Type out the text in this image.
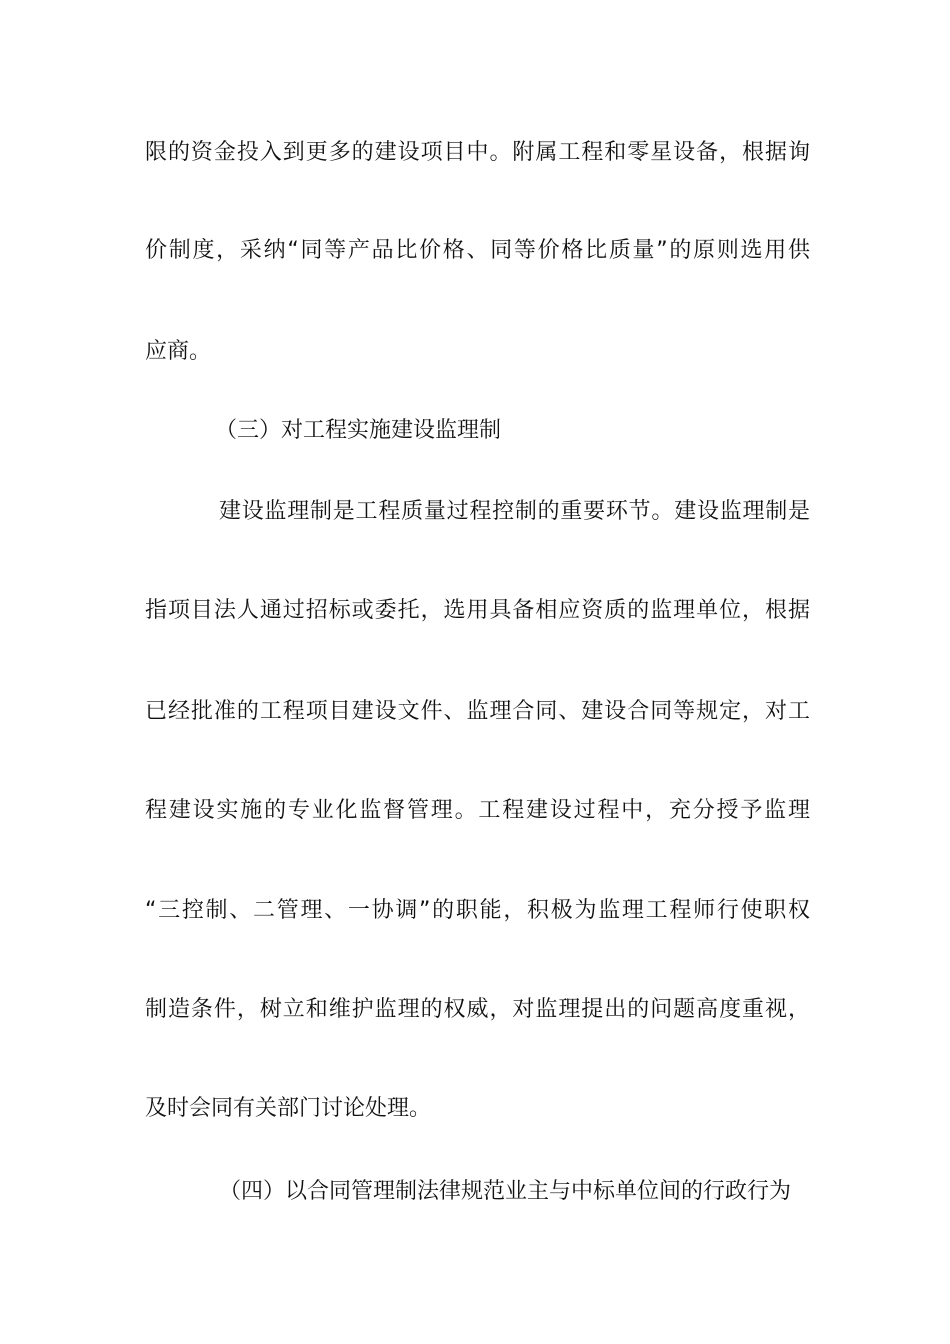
限的资金投入到更多的建设项目中。附属工程和零星设备，根据询
价制度，采纳“同等产品比价格、同等价格比质量”的原则选用供
应商。
（三）对工程实施建设监理制
建设监理制是工程质量过程控制的重要环节。建设监理制是
指项目法人通过招标或委托，选用具备相应资质的监理单位，根据
已经批准的工程项目建设文件、监理合同、建设合同等规定，对工
程建设实施的专业化监督管理。工程建设过程中，充分授予监理
“三控制、二管理、一协调”的职能，积极为监理工程师行使职权
制造条件，树立和维护监理的权威，对监理提出的问题高度重视，
及时会同有关部门讨论处理。
（四）以合同管理制法律规范业主与中标单位间的行政行为
